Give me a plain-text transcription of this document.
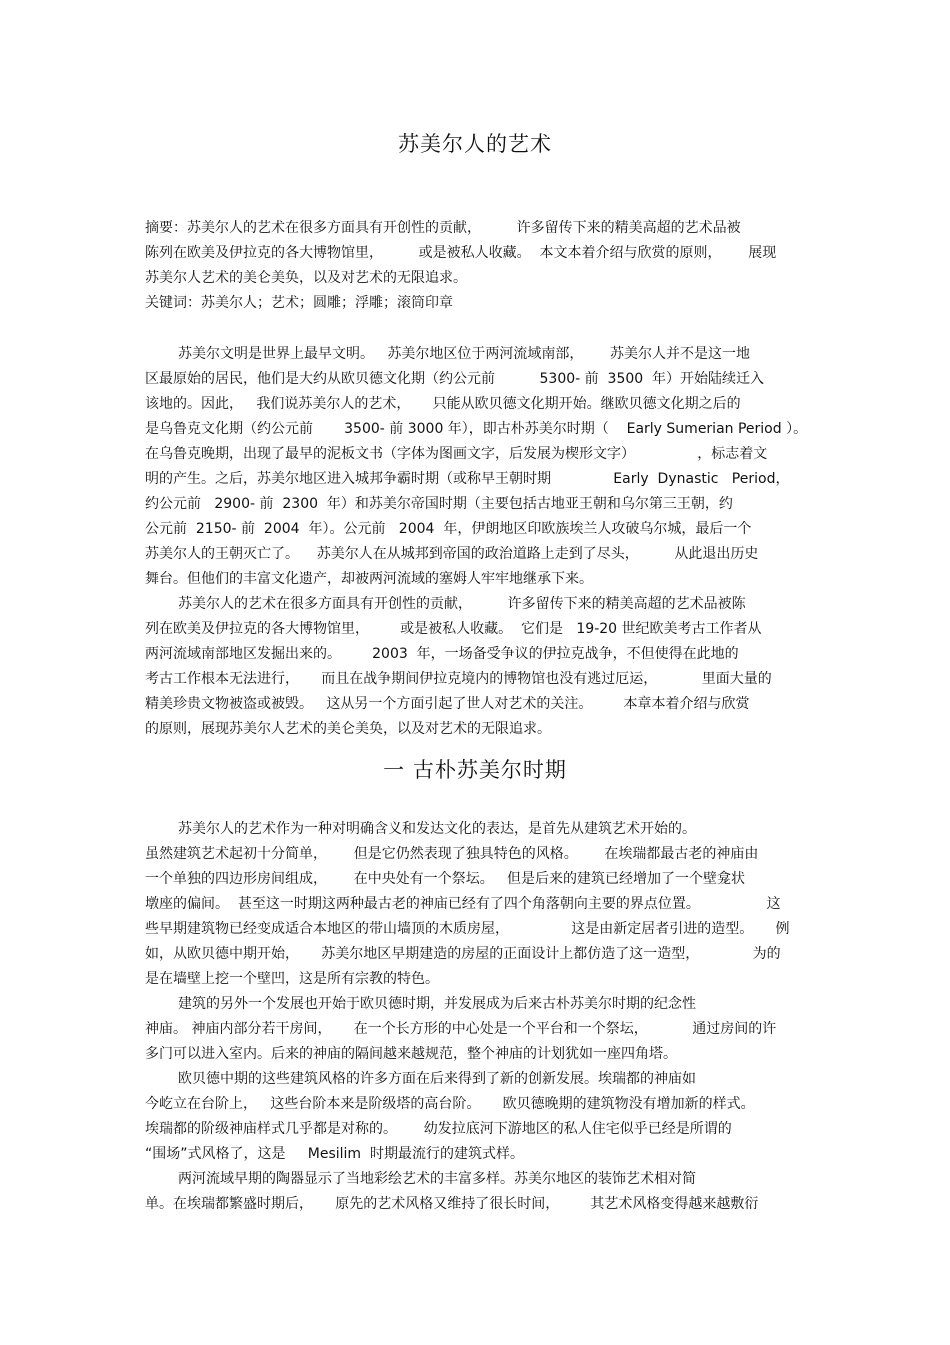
苏美尔人的艺术
摘要：苏美尔人的艺术在很多方面具有开创性的贡献，        许多留传下来的精美高超的艺术品被
陈列在欧美及伊拉克的各大博物馆里，        或是被私人收藏。  本文本着介绍与欣赏的原则，      展现
苏美尔人艺术的美仑美奂，以及对艺术的无限追求。
关键词：苏美尔人；艺术；圆雕；浮雕；滚筒印章
苏美尔文明是世界上最早文明。   苏美尔地区位于两河流域南部，      苏美尔人并不是这一地
区最原始的居民，他们是大约从欧贝德文化期（约公元前          5300- 前  3500  年）开始陆续迁入
该地的。因此，   我们说苏美尔人的艺术，     只能从欧贝德文化期开始。继欧贝德文化期之后的
是乌鲁克文化期（约公元前       3500- 前 3000 年），即古朴苏美尔时期（    Early Sumerian Period ）。
在乌鲁克晚期，出现了最早的泥板文书（字体为图画文字，后发展为楔形文字）              ，标志着文
明的产生。之后，苏美尔地区进入城邦争霸时期（或称早王朝时期              Early  Dynastic   Period，
约公元前   2900- 前  2300  年）和苏美尔帝国时期（主要包括古地亚王朝和乌尔第三王朝，约
公元前  2150- 前  2004  年）。公元前   2004  年，伊朗地区印欧族埃兰人攻破乌尔城，最后一个
苏美尔人的王朝灭亡了。    苏美尔人在从城邦到帝国的政治道路上走到了尽头，        从此退出历史
舞台。但他们的丰富文化遗产，却被两河流域的塞姆人牢牢地继承下来。
苏美尔人的艺术在很多方面具有开创性的贡献，        许多留传下来的精美高超的艺术品被陈
列在欧美及伊拉克的各大博物馆里，       或是被私人收藏。  它们是   19-20 世纪欧美考古工作者从
两河流域南部地区发掘出来的。       2003  年，一场备受争议的伊拉克战争，不但使得在此地的
考古工作根本无法进行，     而且在战争期间伊拉克境内的博物馆也没有逃过厄运，          里面大量的
精美珍贵文物被盗或被毁。   这从另一个方面引起了世人对艺术的关注。       本章本着介绍与欣赏
的原则，展现苏美尔人艺术的美仑美奂，以及对艺术的无限追求。
一 古朴苏美尔时期
苏美尔人的艺术作为一种对明确含义和发达文化的表达，是首先从建筑艺术开始的。
虽然建筑艺术起初十分简单，      但是它仍然表现了独具特色的风格。      在埃瑞都最古老的神庙由
一个单独的四边形房间组成，      在中央处有一个祭坛。   但是后来的建筑已经增加了一个壁龛状
墩座的偏间。  甚至这一时期这两种最古老的神庙已经有了四个角落朝向主要的界点位置。               这
些早期建筑物已经变成适合本地区的带山墙顶的木质房屋，              这是由新定居者引进的造型。     例
如，从欧贝德中期开始，     苏美尔地区早期建造的房屋的正面设计上都仿造了这一造型，            为的
是在墙壁上挖一个壁凹，这是所有宗教的特色。
建筑的另外一个发展也开始于欧贝德时期，并发展成为后来古朴苏美尔时期的纪念性
神庙。 神庙内部分若干房间，     在一个长方形的中心处是一个平台和一个祭坛，          通过房间的许
多门可以进入室内。后来的神庙的隔间越来越规范，整个神庙的计划犹如一座四角塔。
欧贝德中期的这些建筑风格的许多方面在后来得到了新的创新发展。埃瑞都的神庙如
今屹立在台阶上，   这些台阶本来是阶级塔的高台阶。     欧贝德晚期的建筑物没有增加新的样式。
埃瑞都的阶级神庙样式几乎都是对称的。      幼发拉底河下游地区的私人住宅似乎已经是所谓的
“围场”式风格了，这是     Mesilim  时期最流行的建筑式样。
两河流域早期的陶器显示了当地彩绘艺术的丰富多样。苏美尔地区的装饰艺术相对简
单。在埃瑞都繁盛时期后，     原先的艺术风格又维持了很长时间，       其艺术风格变得越来越敷衍
